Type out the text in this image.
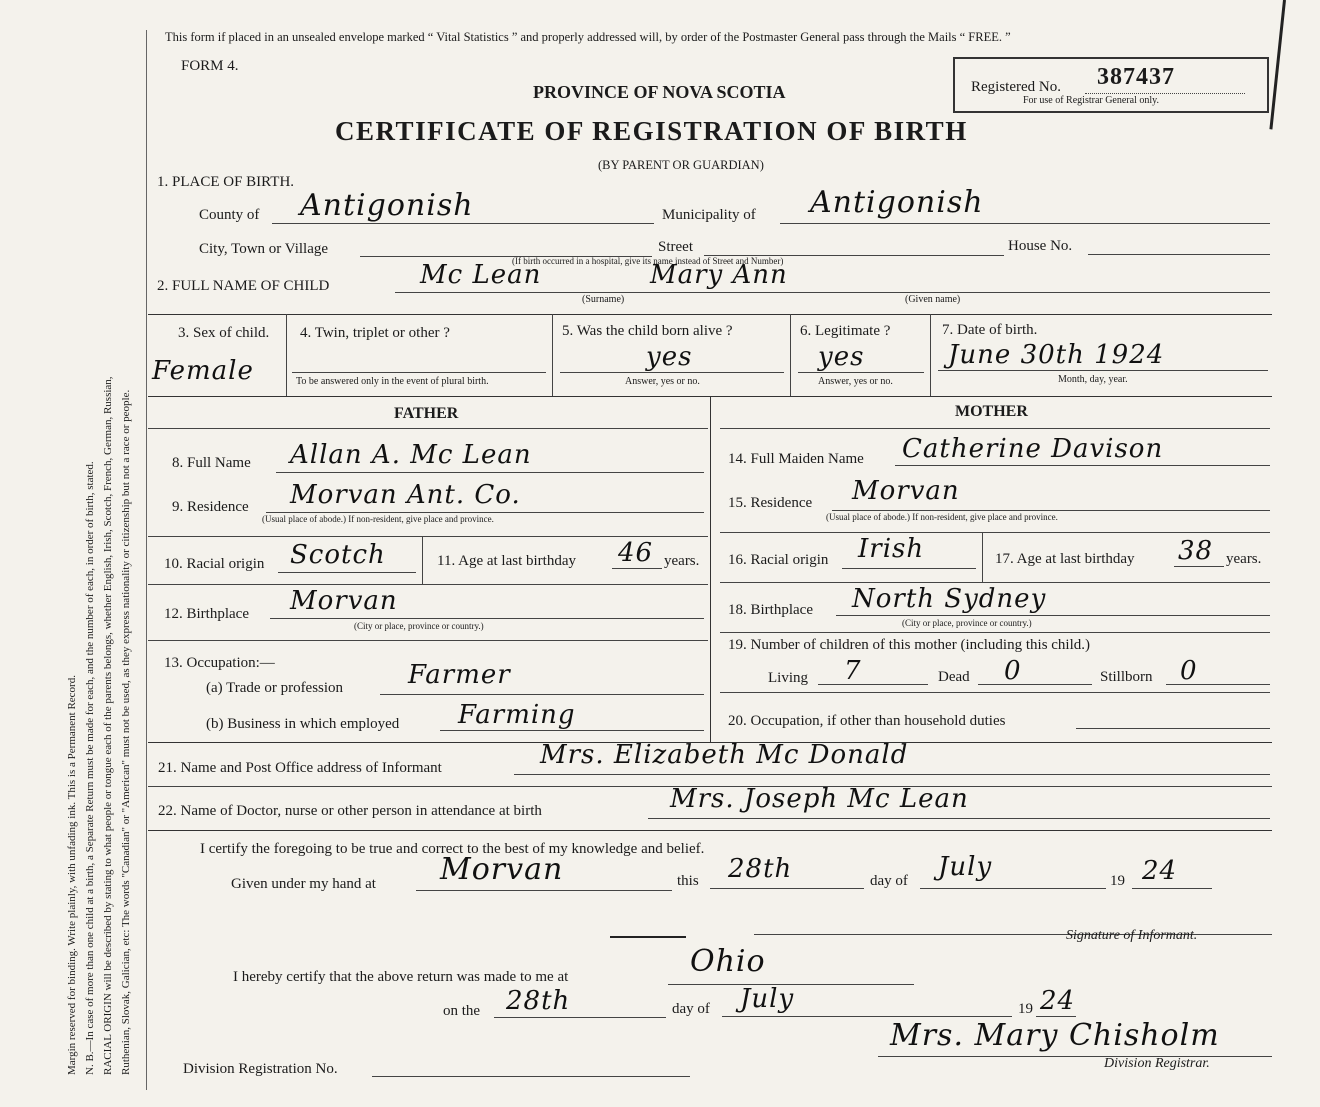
Margin reserved for binding. Write plainly, with unfading ink. This is a Permanent Record. N. B.—In case of more than one child at a birth, a Separate Return must be made for each, and the number of each, in order of birth, stated. RACIAL ORIGIN will be described by stating to what people or tongue each of the parents belongs, whether English, Irish, Scotch, French, German, Russian, Ruthenian, Slovak, Galician, etc: The words "Canadian" or "American" must not be used, as they express nationality or citizenship but not a race or people.
This form if placed in an unsealed envelope marked “ Vital Statistics ” and properly addressed will, by order of the Postmaster General pass through the Mails “ FREE. ”
FORM 4.
Registered No. 387437
For use of Registrar General only.
PROVINCE OF NOVA SCOTIA
CERTIFICATE OF REGISTRATION OF BIRTH
(BY PARENT OR GUARDIAN)
1. PLACE OF BIRTH.
County of Antigonish	Municipality of Antigonish
City, Town or Village	Street	House No.
(If birth occurred in a hospital, give its name instead of Street and Number)
2. FULL NAME OF CHILD	Mc Lean	Mary Ann
(Surname)	(Given name)
3. Sex of child.
Female
4. Twin, triplet or other ?
To be answered only in the event of plural birth.
5. Was the child born alive ?
yes
Answer, yes or no.
6. Legitimate ?
yes
Answer, yes or no.
7. Date of birth.
June 30th 1924
Month, day, year.
FATHER	MOTHER
8. Full Name Allan A. Mc Lean
9. Residence Morvan Ant. Co.
(Usual place of abode.) If non-resident, give place and province.
10. Racial origin Scotch	11. Age at last birthday 46 years.
12. Birthplace Morvan
(City or place, province or country.)
13. Occupation:—
(a) Trade or profession Farmer
(b) Business in which employed Farming
14. Full Maiden Name Catherine Davison
15. Residence Morvan
(Usual place of abode.) If non-resident, give place and province.
16. Racial origin Irish	17. Age at last birthday 38 years.
18. Birthplace North Sydney
(City or place, province or country.)
19. Number of children of this mother (including this child.)
Living 7	Dead 0	Stillborn 0
20. Occupation, if other than household duties
21. Name and Post Office address of Informant	Mrs. Elizabeth Mc Donald
22. Name of Doctor, nurse or other person in attendance at birth	Mrs. Joseph Mc Lean
I certify the foregoing to be true and correct to the best of my knowledge and belief.
Given under my hand at Morvan	this 28th	day of July	19 24
Signature of Informant.
I hereby certify that the above return was made to me at	Ohio
on the 28th	day of July	19 24
Mrs. Mary Chisholm
Division Registrar.
Division Registration No.
